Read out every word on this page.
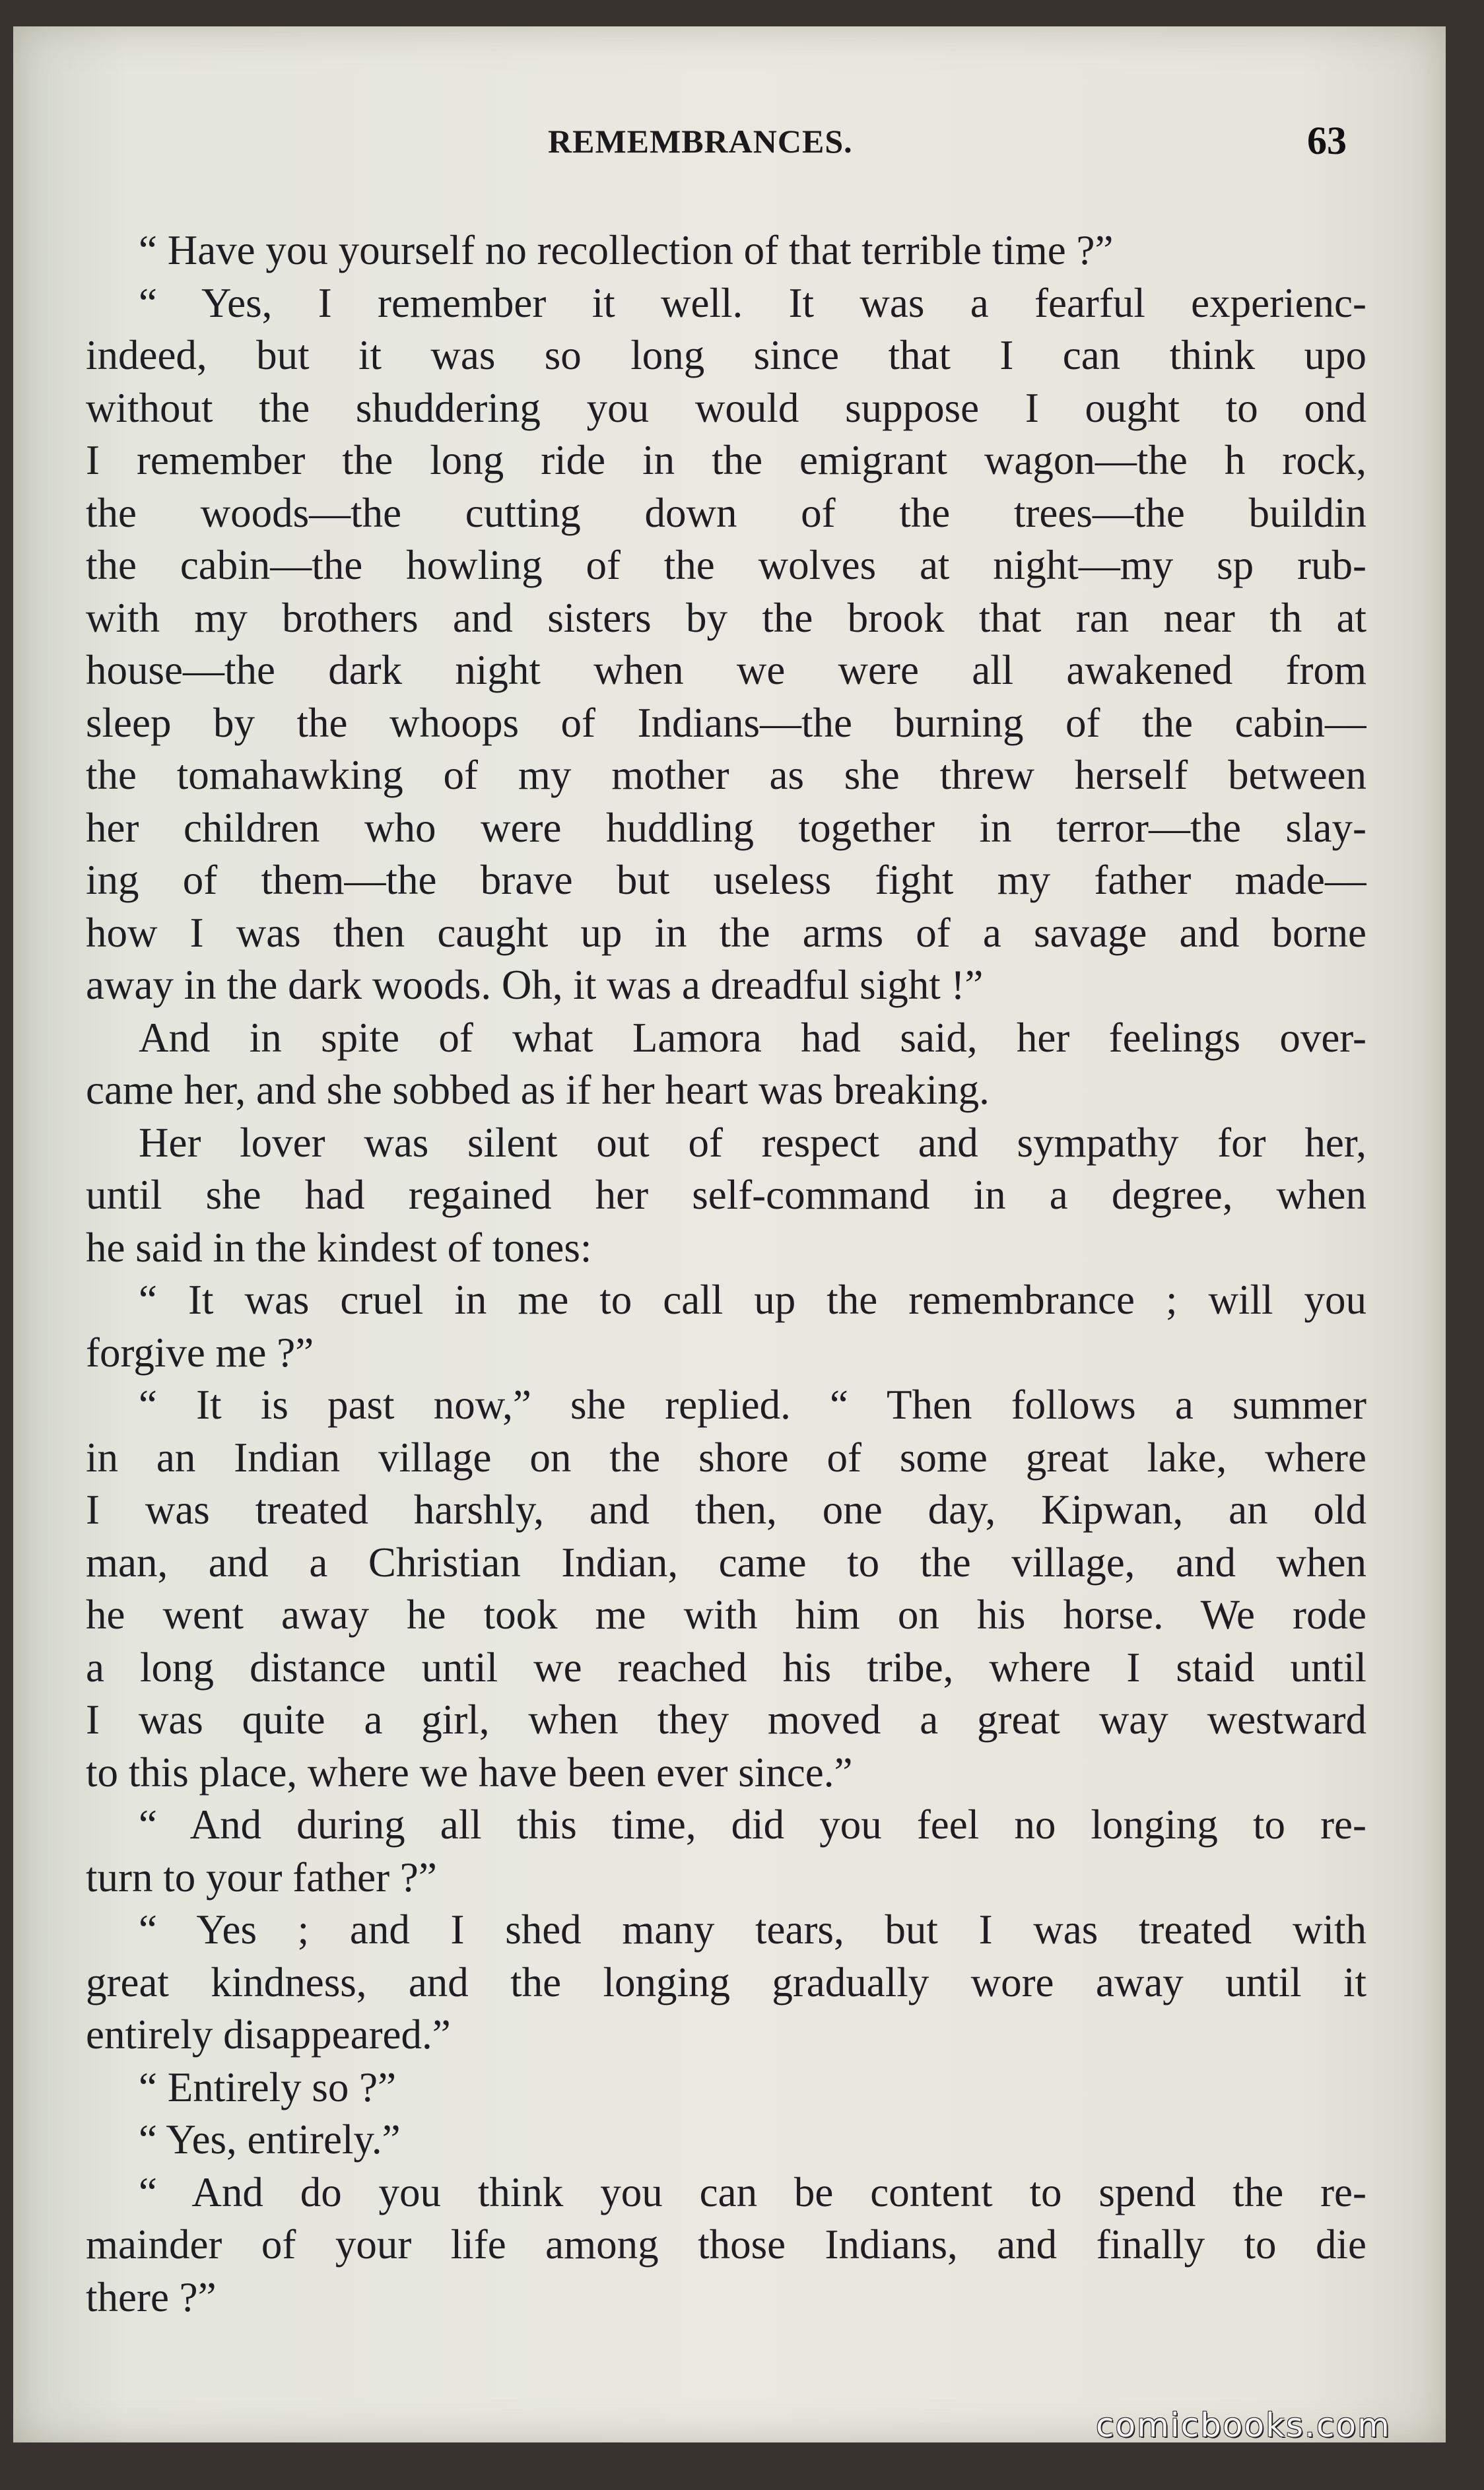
REMEMBRANCES.	63
“ Have you yourself no recollection of that terrible time ?”
“ Yes, I remember it well. It was a fearful experienc‐
indeed, but it was so long since that I can think upo
without the shuddering you would suppose I ought to ond
I remember the long ride in the emigrant wagon—the h rock,
the woods—the cutting down of the trees—the buildin
the cabin—the howling of the wolves at night—my sp rub-
with my brothers and sisters by the brook that ran near th at
house—the dark night when we were all awakened from
sleep by the whoops of Indians—the burning of the cabin—
the tomahawking of my mother as she threw herself between
her children who were huddling together in terror—the slay-
ing of them—the brave but useless fight my father made—
how I was then caught up in the arms of a savage and borne
away in the dark woods. Oh, it was a dreadful sight !”
And in spite of what Lamora had said, her feelings over-
came her, and she sobbed as if her heart was breaking.
Her lover was silent out of respect and sympathy for her,
until she had regained her self-command in a degree, when
he said in the kindest of tones:
“ It was cruel in me to call up the remembrance ; will you
forgive me ?”
“ It is past now,” she replied. “ Then follows a summer
in an Indian village on the shore of some great lake, where
I was treated harshly, and then, one day, Kipwan, an old
man, and a Christian Indian, came to the village, and when
he went away he took me with him on his horse. We rode
a long distance until we reached his tribe, where I staid until
I was quite a girl, when they moved a great way westward
to this place, where we have been ever since.”
“ And during all this time, did you feel no longing to re-
turn to your father ?”
“ Yes ; and I shed many tears, but I was treated with
great kindness, and the longing gradually wore away until it
entirely disappeared.”
“ Entirely so ?”
“ Yes, entirely.”
“ And do you think you can be content to spend the re-
mainder of your life among those Indians, and finally to die
there ?”
comicbooks.com
